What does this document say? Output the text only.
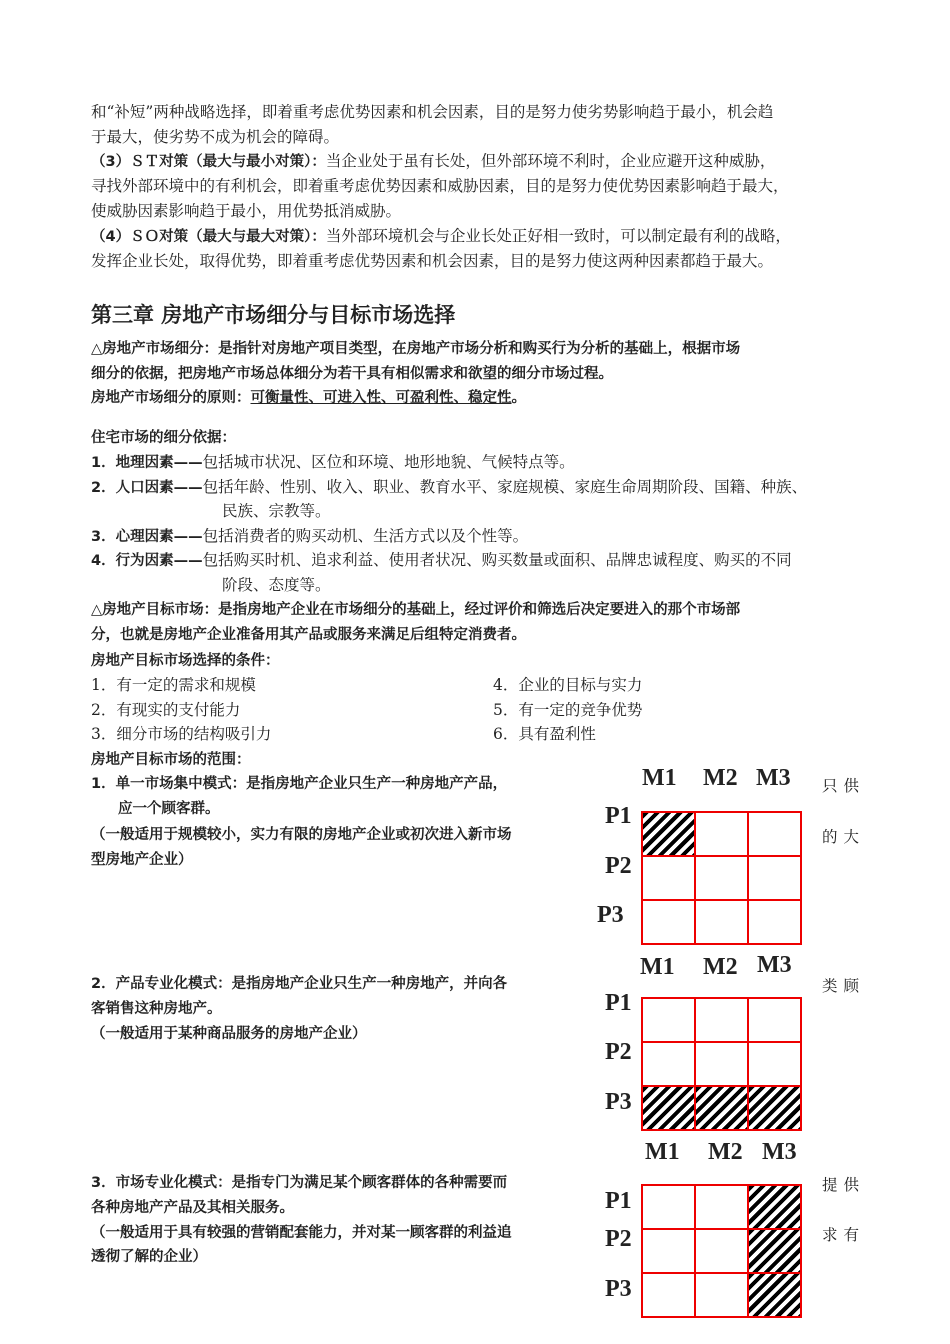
和“补短”两种战略选择，即着重考虑优势因素和机会因素，目的是努力使劣势影响趋于最小，机会趋
于最大，使劣势不成为机会的障碍。
（3）ＳＴ对策（最大与最小对策）：当企业处于虽有长处，但外部环境不利时，企业应避开这种威胁，
寻找外部环境中的有利机会，即着重考虑优势因素和威胁因素，目的是努力使优势因素影响趋于最大，
使威胁因素影响趋于最小，用优势抵消威胁。
（4）ＳＯ对策（最大与最大对策）：当外部环境机会与企业长处正好相一致时，可以制定最有利的战略，
发挥企业长处，取得优势，即着重考虑优势因素和机会因素，目的是努力使这两种因素都趋于最大。
第三章 房地产市场细分与目标市场选择
△房地产市场细分：是指针对房地产项目类型，在房地产市场分析和购买行为分析的基础上，根据市场
细分的依据，把房地产市场总体细分为若干具有相似需求和欲望的细分市场过程。
房地产市场细分的原则：可衡量性、可进入性、可盈利性、稳定性。
住宅市场的细分依据：
1．地理因素——包括城市状况、区位和环境、地形地貌、气候特点等。
2．人口因素——包括年龄、性别、收入、职业、教育水平、家庭规模、家庭生命周期阶段、国籍、种族、
民族、宗教等。
3．心理因素——包括消费者的购买动机、生活方式以及个性等。
4．行为因素——包括购买时机、追求利益、使用者状况、购买数量或面积、品牌忠诚程度、购买的不同
阶段、态度等。
△房地产目标市场：是指房地产企业在市场细分的基础上，经过评价和筛选后决定要进入的那个市场部
分，也就是房地产企业准备用其产品或服务来满足后组特定消费者。
房地产目标市场选择的条件：
1．有一定的需求和规模	4．企业的目标与实力
2．有现实的支付能力	5．有一定的竞争优势
3．细分市场的结构吸引力	6．具有盈利性
房地产目标市场的范围：
1．单一市场集中模式：是指房地产企业只生产一种房地产产品，
应一个顾客群。
（一般适用于规模较小，实力有限的房地产企业或初次进入新市场
型房地产企业）
只供
的大
M1 M2 M3
P1
P2
P3

2．产品专业化模式：是指房地产企业只生产一种房地产，并向各
客销售这种房地产。
（一般适用于某种商品服务的房地产企业）
类顾
M1 M2 M3
P1
P2
P3

3．市场专业化模式：是指专门为满足某个顾客群体的各种需要而
各种房地产产品及其相关服务。
（一般适用于具有较强的营销配套能力，并对某一顾客群的利益追
透彻了解的企业）
提供
求有
M1 M2 M3
P1
P2
P3
